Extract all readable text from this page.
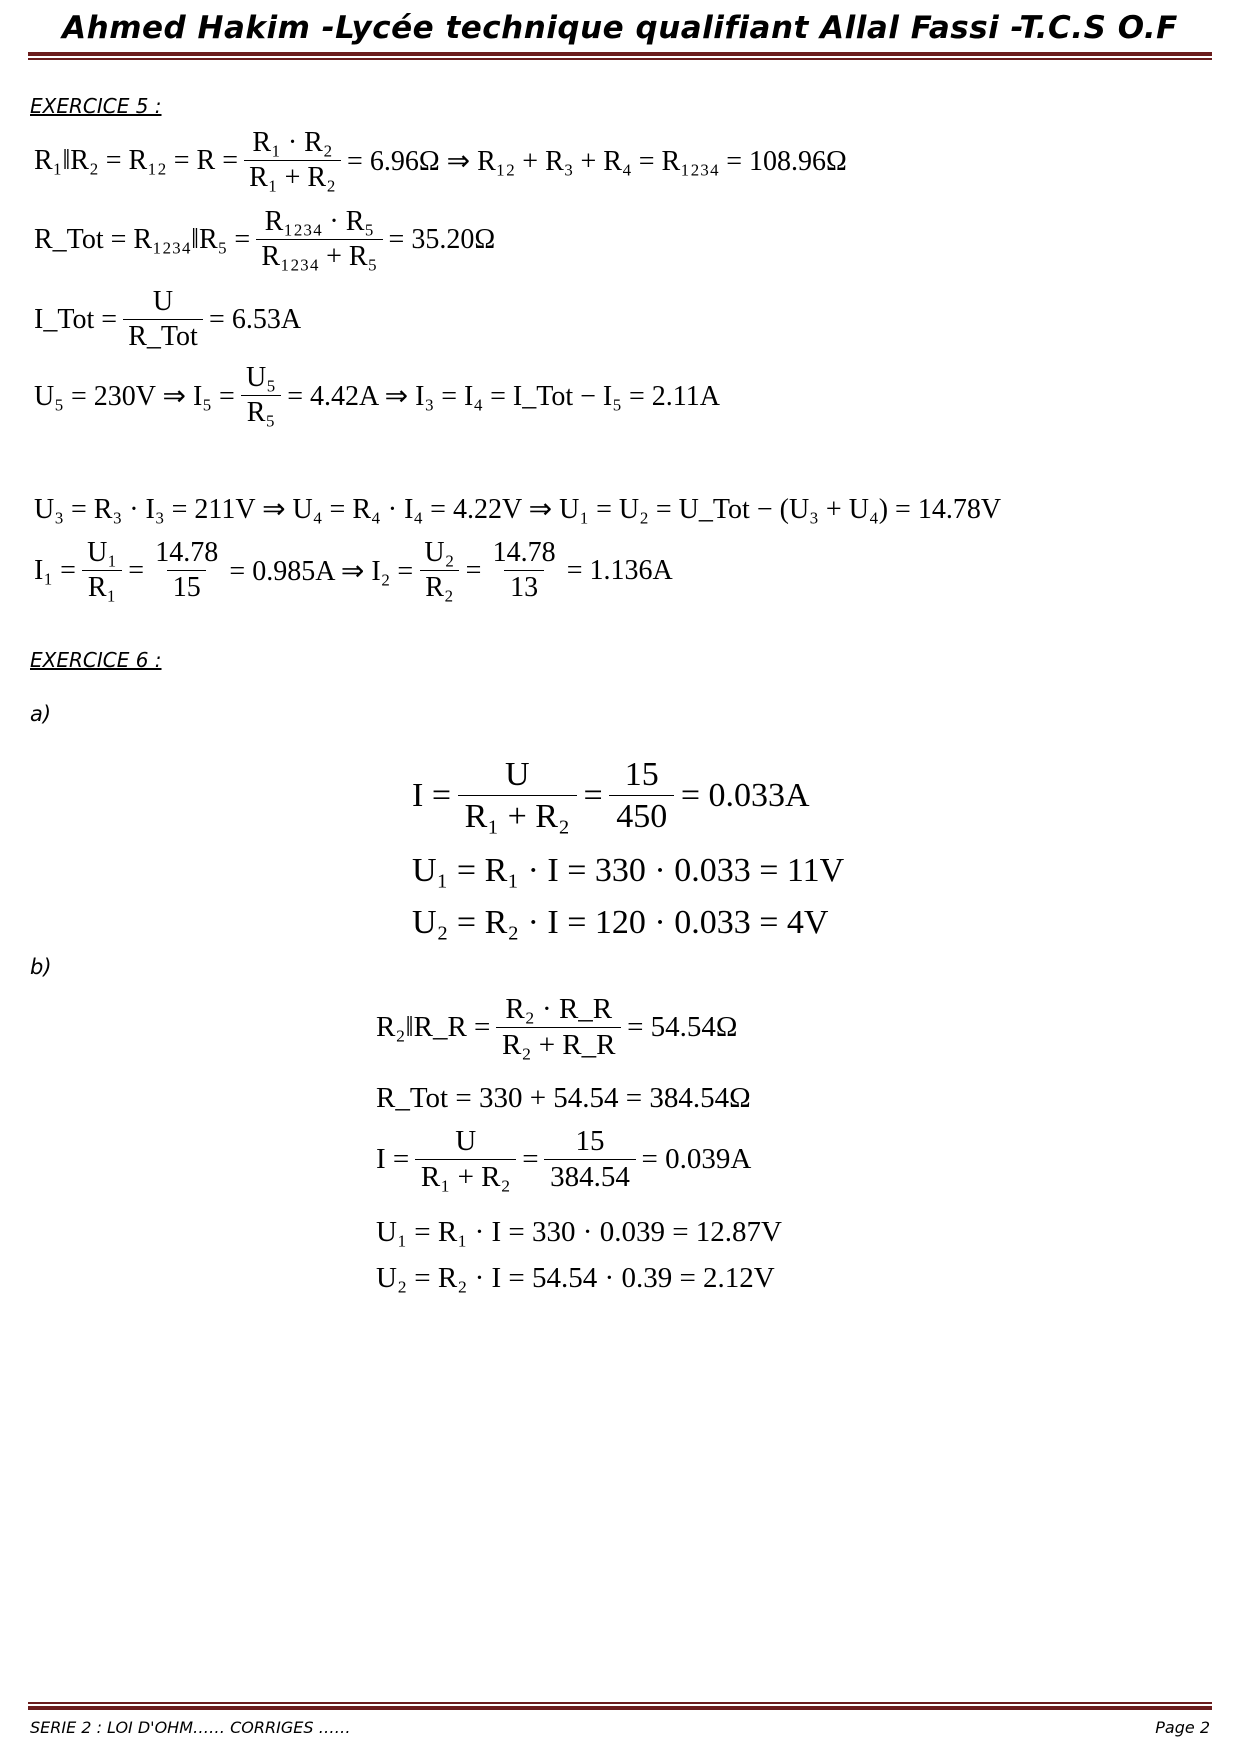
Ahmed Hakim -Lycée technique qualifiant Allal Fassi -T.C.S O.F
EXERCICE 5 :
R₁‖R₂ = $R_{12} = R = \frac{\text{R₁ · R₂}}{\text{R₁ + R₂}} = 6.96\Omega$ ⇒ R₁₂ + R₃ + R₄ = R₁₂₃₄ = 108.96Ω
R_Tot = R₁₂₃₄‖R₅ = $\frac{\text{R₁₂₃₄ · R₅}}{\text{R₁₂₃₄ + R₅}} = 35.20\Omega$
I_Tot = $\frac{U}{\text{R\_Tot}} = 6.53A$
U₅ = 230V ⇒ $I_5 = \frac{\text{U₅}}{\text{R₅}} = 4.42A$ ⇒ I₃ = I₄ = I_Tot − I₅ = 2.11A
U₃ = R₃ · I₃ = 211V ⇒ U₄ = R₄ · I₄ = 4.22V ⇒ U₁ = U₂ = U_Tot − (U₃ + U₄) = 14.78V
$I_1 = \frac{\text{U₁}}{\text{R₁}} = \frac{14.78}{15} = 0.985A$ ⇒ $I_2 = \frac{\text{U₂}}{\text{R₂}} = \frac{14.78}{13} = 1.136A$
EXERCICE 6 :
a)
$I = \frac{U}{\text{R₁ + R₂}} = \frac{15}{450} = 0.033A$
U₁ = R₁ · I = 330 · 0.033 = 11V
U₂ = R₂ · I = 120 · 0.033 = 4V
b)
R₂‖R_R = $\frac{\text{R₂ · R\_R}}{\text{R₂ + R\_R}} = 54.54\Omega$
R_Tot = 330 + 54.54 = 384.54Ω
$I = \frac{U}{\text{R₁ + R₂}} = \frac{15}{384.54} = 0.039A$
U₁ = R₁ · I = 330 · 0.039 = 12.87V
U₂ = R₂ · I = 54.54 · 0.39 = 2.12V
SERIE 2 : LOI D'OHM…… CORRIGES ……	Page 2
